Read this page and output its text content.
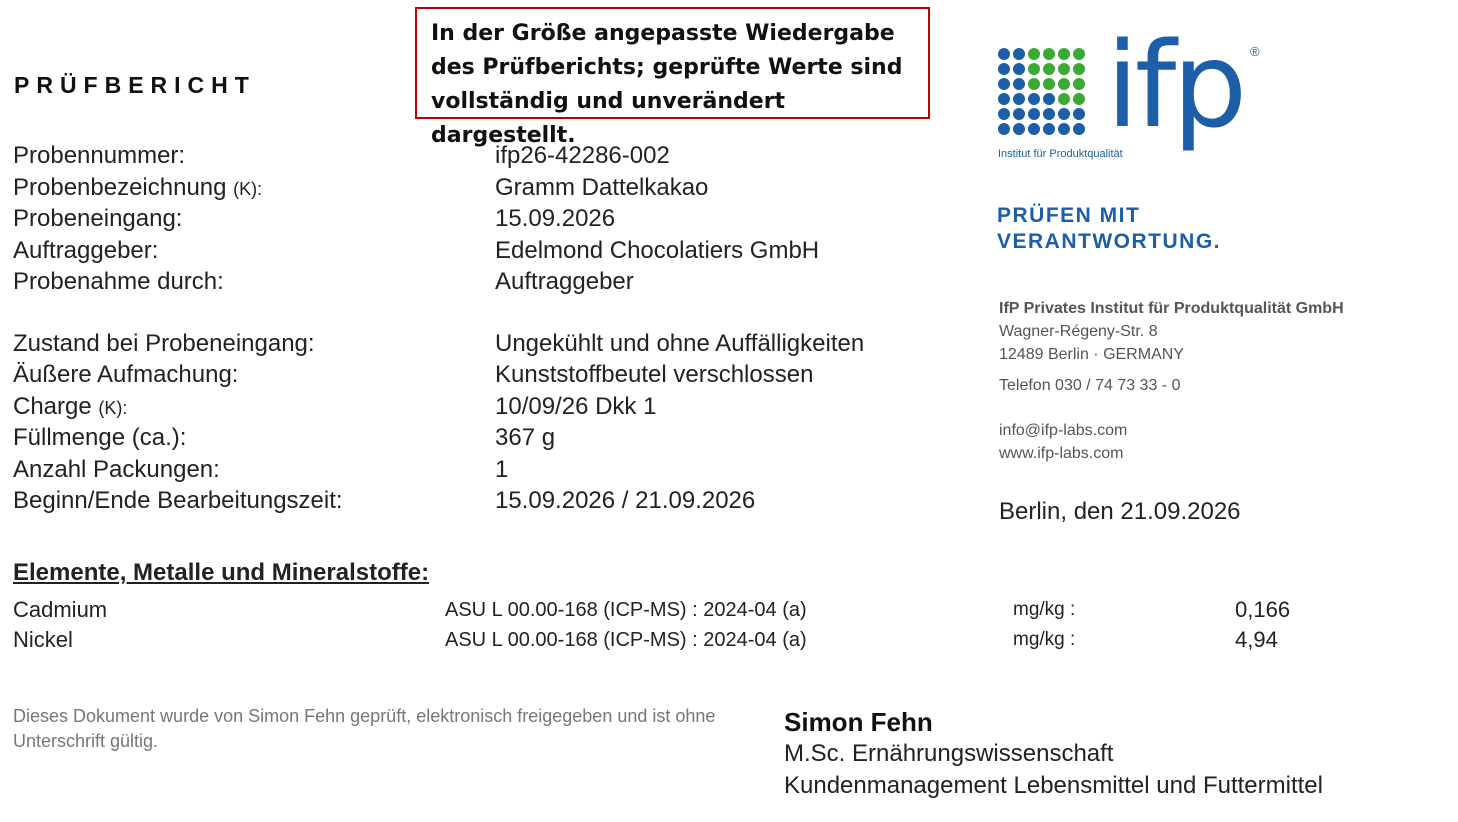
PRÜFBERICHT
In der Größe angepasste Wiedergabe des Prüfberichts; geprüfte Werte sind vollständig und unverändert dargestellt.
Probennummer:	ifp26-42286-002
Probenbezeichnung (K):	Gramm Dattelkakao
Probeneingang:	15.09.2026
Auftraggeber:	Edelmond Chocolatiers GmbH
Probenahme durch:	Auftraggeber
Zustand bei Probeneingang:	Ungekühlt und ohne Auffälligkeiten
Äußere Aufmachung:	Kunststoffbeutel verschlossen
Charge (K):	10/09/26 Dkk 1
Füllmenge (ca.):	367 g
Anzahl Packungen:	1
Beginn/Ende Bearbeitungszeit:	15.09.2026 / 21.09.2026
ifp ®
Institut für Produktqualität
PRÜFEN MIT
VERANTWORTUNG.
IfP Privates Institut für Produktqualität GmbH
Wagner-Régeny-Str. 8
12489 Berlin · GERMANY
Telefon 030 / 74 73 33 - 0
info@ifp-labs.com
www.ifp-labs.com
Berlin, den 21.09.2026
Elemente, Metalle und Mineralstoffe:
Cadmium	ASU L 00.00-168 (ICP-MS) : 2024-04 (a)	mg/kg :	0,166
Nickel	ASU L 00.00-168 (ICP-MS) : 2024-04 (a)	mg/kg :	4,94
Dieses Dokument wurde von Simon Fehn geprüft, elektronisch freigegeben und ist ohne Unterschrift gültig.
Simon Fehn
M.Sc. Ernährungswissenschaft
Kundenmanagement Lebensmittel und Futtermittel
